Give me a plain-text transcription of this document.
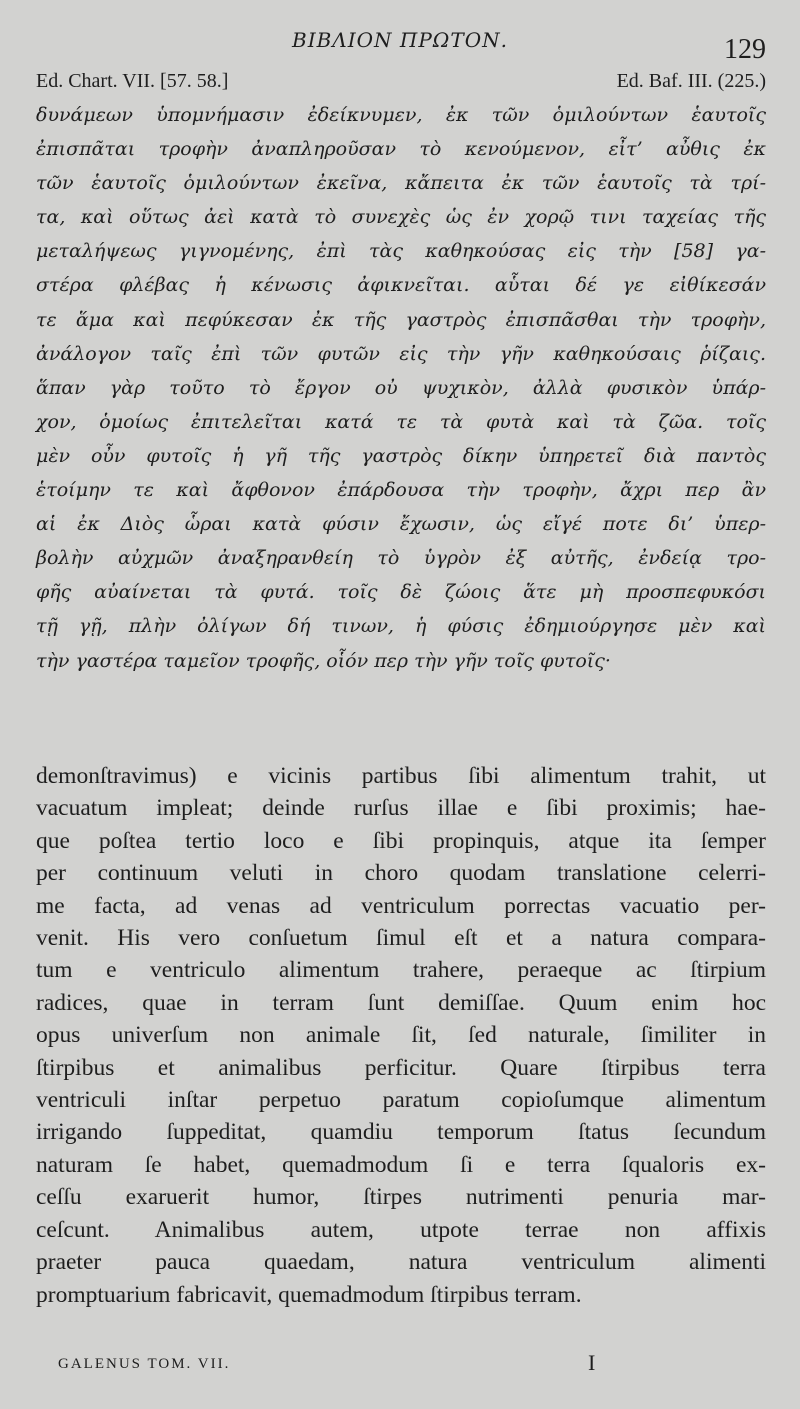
ΒΙΒΛΙΟΝ ΠΡΩΤΟΝ.	129
Ed. Chart. VII. [57. 58.]	Ed. Baf. III. (225.)
δυνάμεων ὑπομνήμασιν ἐδείκνυμεν, ἐκ τῶν ὁμιλούντων ἑαυτοῖς
ἐπισπᾶται τροφὴν ἀναπληροῦσαν τὸ κενούμενον, εἶτ’ αὖθις ἐκ
τῶν ἑαυτοῖς ὁμιλούντων ἐκεῖνα, κἄπειτα ἐκ τῶν ἑαυτοῖς τὰ τρί-
τα, καὶ οὕτως ἀεὶ κατὰ τὸ συνεχὲς ὡς ἐν χορῷ τινι ταχείας τῆς
μεταλήψεως γιγνομένης, ἐπὶ τὰς καθηκούσας εἰς τὴν [58] γα-
στέρα φλέβας ἡ κένωσις ἀφικνεῖται. αὗται δέ γε εἰθίκεσάν
τε ἅμα καὶ πεφύκεσαν ἐκ τῆς γαστρὸς ἐπισπᾶσθαι τὴν τροφὴν,
ἀνάλογον ταῖς ἐπὶ τῶν φυτῶν εἰς τὴν γῆν καθηκούσαις ῥίζαις.
ἅπαν γὰρ τοῦτο τὸ ἔργον οὐ ψυχικὸν, ἀλλὰ φυσικὸν ὑπάρ-
χον, ὁμοίως ἐπιτελεῖται κατά τε τὰ φυτὰ καὶ τὰ ζῶα. τοῖς
μὲν οὖν φυτοῖς ἡ γῆ τῆς γαστρὸς δίκην ὑπηρετεῖ διὰ παντὸς
ἑτοίμην τε καὶ ἄφθονον ἐπάρδουσα τὴν τροφὴν, ἄχρι περ ἂν
αἱ ἐκ Διὸς ὧραι κατὰ φύσιν ἔχωσιν, ὡς εἴγέ ποτε δι’ ὑπερ-
βολὴν αὐχμῶν ἀναξηρανθείη τὸ ὑγρὸν ἐξ αὐτῆς, ἐνδείᾳ τρο-
φῆς αὐαίνεται τὰ φυτά. τοῖς δὲ ζώοις ἅτε μὴ προσπεφυκόσι
τῇ γῇ, πλὴν ὀλίγων δή τινων, ἡ φύσις ἐδημιούργησε μὲν καὶ
τὴν γαστέρα ταμεῖον τροφῆς, οἷόν περ τὴν γῆν τοῖς φυτοῖς·
demonſtravimus) e vicinis partibus ſibi alimentum trahit, ut
vacuatum impleat; deinde rurſus illae e ſibi proximis; hae-
que poſtea tertio loco e ſibi propinquis, atque ita ſemper
per continuum veluti in choro quodam translatione celerri-
me facta, ad venas ad ventriculum porrectas vacuatio per-
venit. His vero conſuetum ſimul eſt et a natura compara-
tum e ventriculo alimentum trahere, peraeque ac ſtirpium
radices, quae in terram ſunt demiſſae. Quum enim hoc
opus univerſum non animale ſit, ſed naturale, ſimiliter in
ſtirpibus et animalibus perficitur. Quare ſtirpibus terra
ventriculi inſtar perpetuo paratum copioſumque alimentum
irrigando ſuppeditat, quamdiu temporum ſtatus ſecundum
naturam ſe habet, quemadmodum ſi e terra ſqualoris ex-
ceſſu exaruerit humor, ſtirpes nutrimenti penuria mar-
ceſcunt. Animalibus autem, utpote terrae non affixis
praeter pauca quaedam, natura ventriculum alimenti
promptuarium fabricavit, quemadmodum ſtirpibus terram.
GALENUS TOM. VII.	I
